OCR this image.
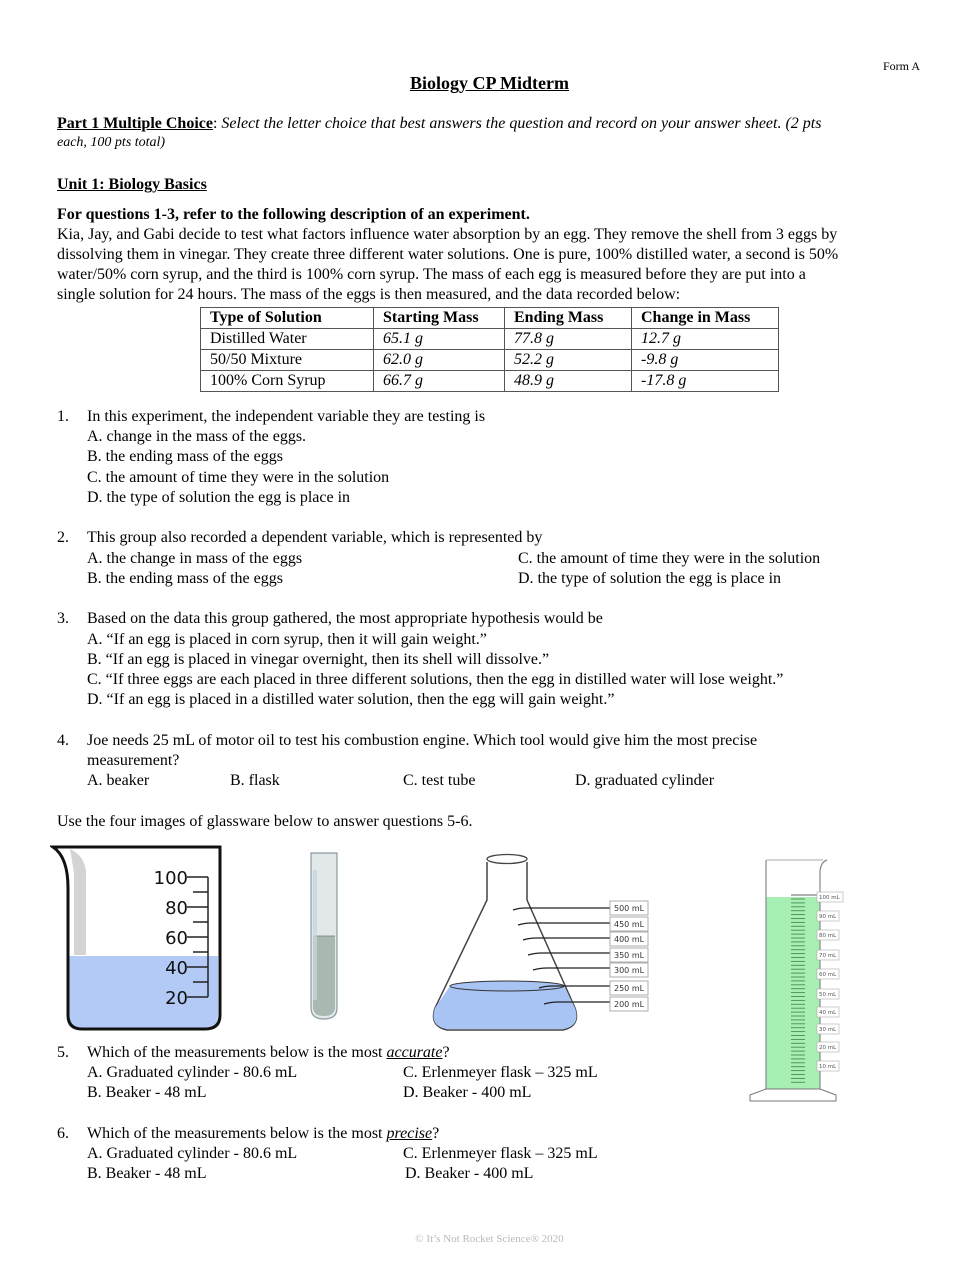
Form A
Biology CP Midterm
Part 1 Multiple Choice: Select the letter choice that best answers the question and record on your answer sheet. (2 pts
each, 100 pts total)
Unit 1: Biology Basics
For questions 1-3, refer to the following description of an experiment.
Kia, Jay, and Gabi decide to test what factors influence water absorption by an egg. They remove the shell from 3 eggs by
dissolving them in vinegar. They create three different water solutions. One is pure, 100% distilled water, a second is 50%
water/50% corn syrup, and the third is 100% corn syrup. The mass of each egg is measured before they are put into a
single solution for 24 hours. The mass of the eggs is then measured, and the data recorded below:
Type of Solution	Starting Mass	Ending Mass	Change in Mass
Distilled Water	65.1 g	77.8 g	12.7 g
50/50 Mixture	62.0 g	52.2 g	-9.8 g
100% Corn Syrup	66.7 g	48.9 g	-17.8 g
1. In this experiment, the independent variable they are testing is
A. change in the mass of the eggs.
B. the ending mass of the eggs
C. the amount of time they were in the solution
D. the type of solution the egg is place in
2. This group also recorded a dependent variable, which is represented by
A. the change in mass of the eggs
B. the ending mass of the eggs
C. the amount of time they were in the solution
D. the type of solution the egg is place in
3. Based on the data this group gathered, the most appropriate hypothesis would be
A. “If an egg is placed in corn syrup, then it will gain weight.”
B. “If an egg is placed in vinegar overnight, then its shell will dissolve.”
C. “If three eggs are each placed in three different solutions, then the egg in distilled water will lose weight.”
D. “If an egg is placed in a distilled water solution, then the egg will gain weight.”
4. Joe needs 25 mL of motor oil to test his combustion engine. Which tool would give him the most precise
measurement?
A. beaker	B. flask	C. test tube	D. graduated cylinder
Use the four images of glassware below to answer questions 5-6.
100
80
60
40
20
500 mL
450 mL
400 mL
350 mL
300 mL
250 mL
200 mL
100 mL
90 mL
80 mL
70 mL
60 mL
50 mL
40 mL
30 mL
20 mL
10 mL
5. Which of the measurements below is the most accurate?
A. Graduated cylinder - 80.6 mL
B. Beaker - 48 mL
C. Erlenmeyer flask – 325 mL
D. Beaker - 400 mL
6. Which of the measurements below is the most precise?
A. Graduated cylinder - 80.6 mL
B. Beaker - 48 mL
C. Erlenmeyer flask – 325 mL
D. Beaker - 400 mL
© It’s Not Rocket Science® 2020
